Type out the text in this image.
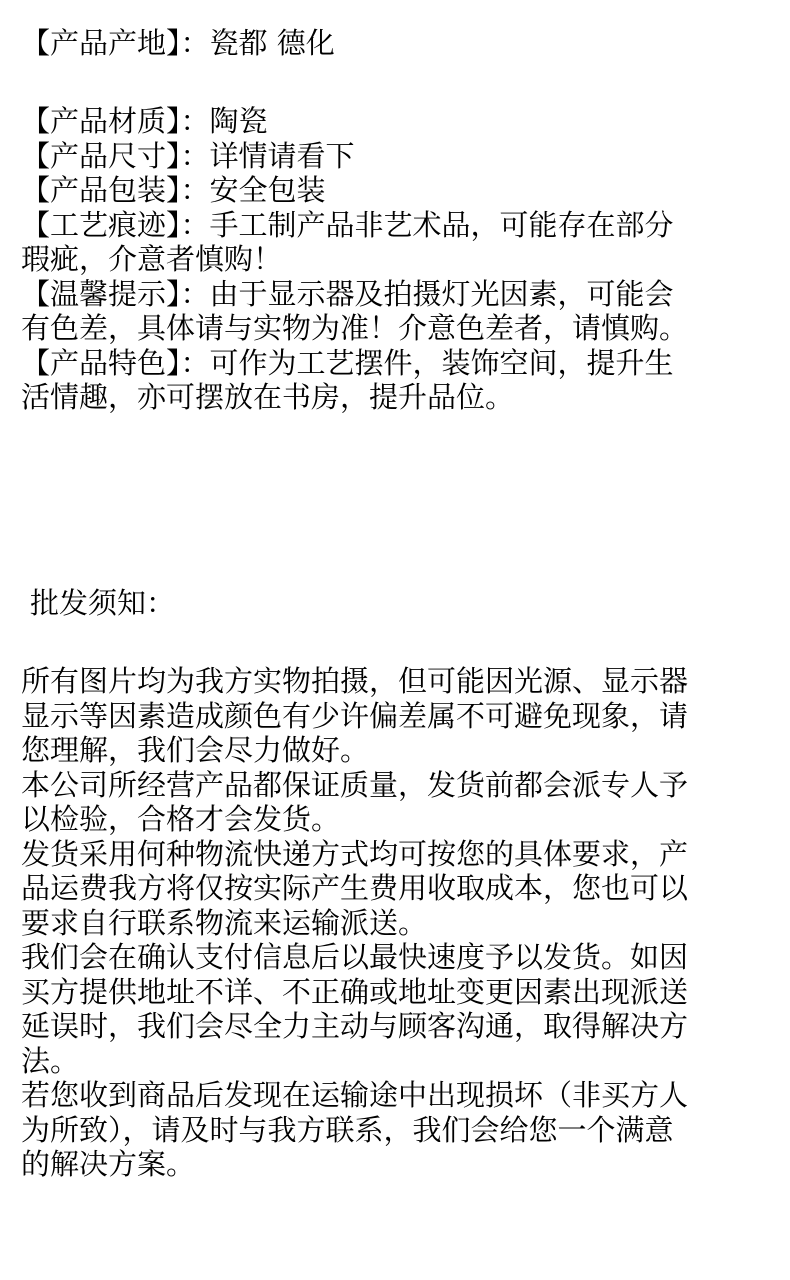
【产品产地】：瓷都 德化
【产品材质】：陶瓷
【产品尺寸】：详情请看下
【产品包装】：安全包装
【工艺痕迹】：手工制产品非艺术品，可能存在部分
瑕疵，介意者慎购！
【温馨提示】：由于显示器及拍摄灯光因素，可能会
有色差，具体请与实物为准！介意色差者，请慎购。
【产品特色】：可作为工艺摆件，装饰空间，提升生
活情趣，亦可摆放在书房，提升品位。
批发须知：
所有图片均为我方实物拍摄，但可能因光源、显示器
显示等因素造成颜色有少许偏差属不可避免现象，请
您理解，我们会尽力做好。
本公司所经营产品都保证质量，发货前都会派专人予
以检验，合格才会发货。
发货采用何种物流快递方式均可按您的具体要求，产
品运费我方将仅按实际产生费用收取成本，您也可以
要求自行联系物流来运输派送。
我们会在确认支付信息后以最快速度予以发货。如因
买方提供地址不详、不正确或地址变更因素出现派送
延误时，我们会尽全力主动与顾客沟通，取得解决方
法。
若您收到商品后发现在运输途中出现损坏（非买方人
为所致），请及时与我方联系，我们会给您一个满意
的解决方案。
